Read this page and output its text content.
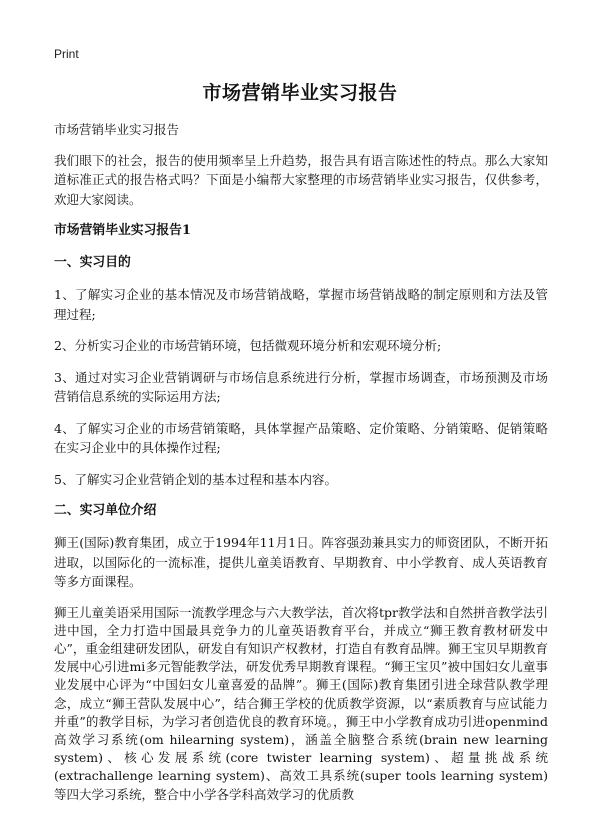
Print
市场营销毕业实习报告

市场营销毕业实习报告

我们眼下的社会，报告的使用频率呈上升趋势，报告具有语言陈述性的特点。那么大家知道标准正式的报告格式吗？下面是小编帮大家整理的市场营销毕业实习报告，仅供参考，欢迎大家阅读。

市场营销毕业实习报告1
一、实习目的

1、了解实习企业的基本情况及市场营销战略，掌握市场营销战略的制定原则和方法及管理过程;

2、分析实习企业的市场营销环境，包括微观环境分析和宏观环境分析;

3、通过对实习企业营销调研与市场信息系统进行分析，掌握市场调查，市场预测及市场营销信息系统的实际运用方法;

4、了解实习企业的市场营销策略，具体掌握产品策略、定价策略、分销策略、促销策略在实习企业中的具体操作过程;

5、了解实习企业营销企划的基本过程和基本内容。

二、实习单位介绍

狮王(国际)教育集团，成立于1994年11月1日。阵容强劲兼具实力的师资团队，不断开拓进取，以国际化的一流标准，提供儿童美语教育、早期教育、中小学教育、成人英语教育等多方面课程。

狮王儿童美语采用国际一流教学理念与六大教学法，首次将tpr教学法和自然拼音教学法引进中国，全力打造中国最具竞争力的儿童英语教育平台，并成立“狮王教育教材研发中心”，重金组建研发团队，研发自有知识产权教材，打造自有教育品牌。狮王宝贝早期教育发展中心引进mi多元智能教学法，研发优秀早期教育课程。“狮王宝贝”被中国妇女儿童事业发展中心评为“中国妇女儿童喜爱的品牌”。狮王(国际)教育集团引进全球营队教学理念，成立“狮王营队发展中心”，结合狮王学校的优质教学资源，以“素质教育与应试能力并重”的教学目标，为学习者创造优良的教育环境。，狮王中小学教育成功引进openmind高效学习系统(om hilearning system)，涵盖全脑整合系统(brain new learning system)、核心发展系统(core twister learning system)、超量挑战系统(extrachallenge learning system)、高效工具系统(super tools learning system)等四大学习系统，整合中小学各学科高效学习的优质教
